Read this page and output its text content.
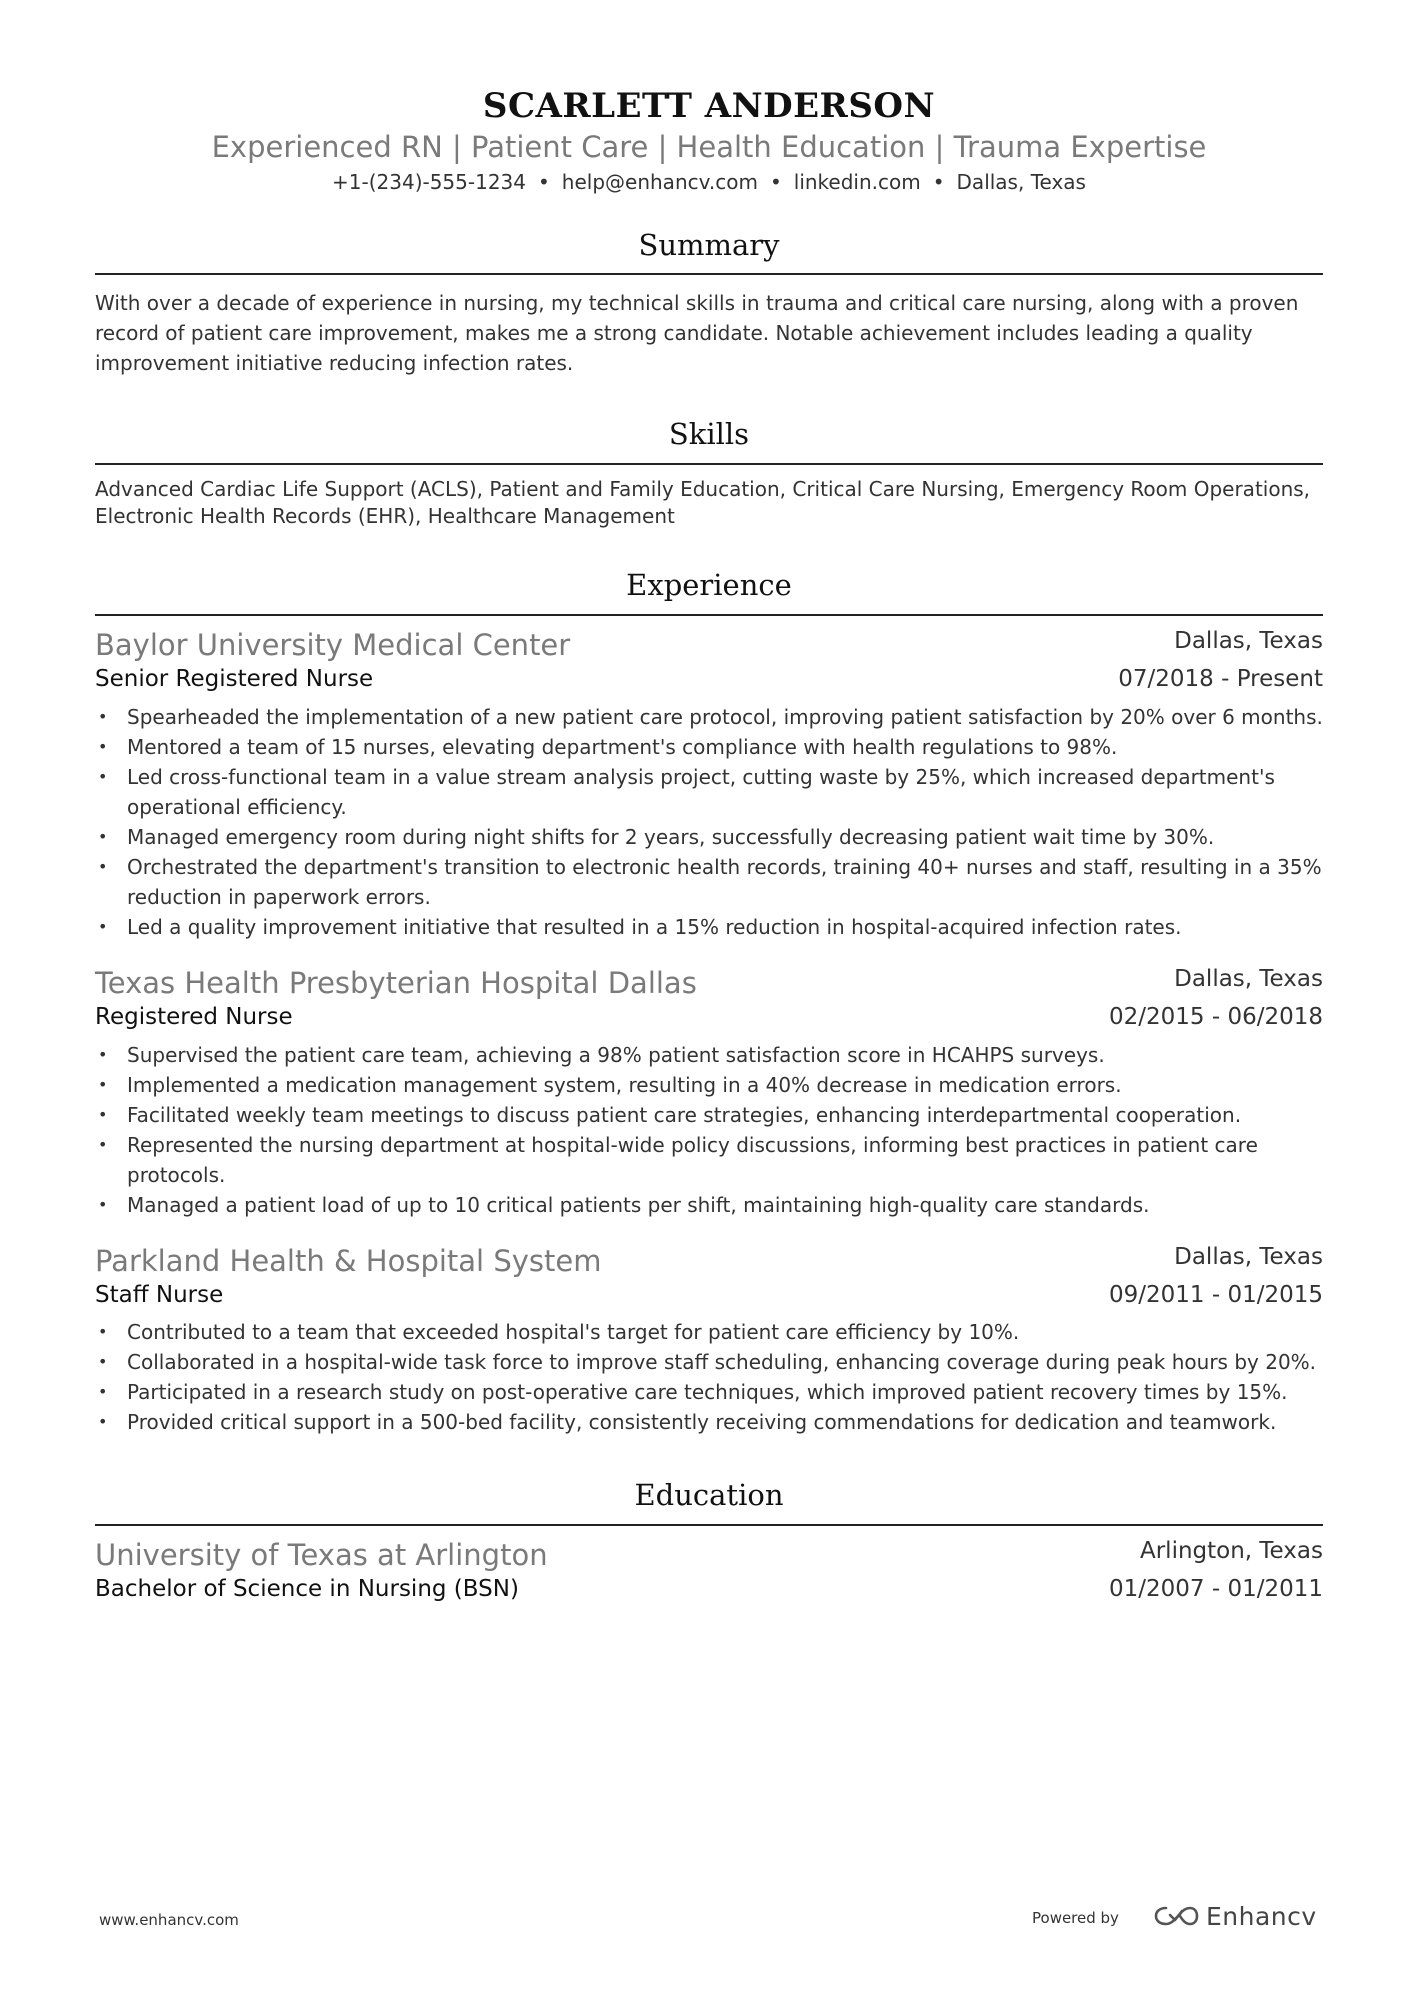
SCARLETT ANDERSON
Experienced RN | Patient Care | Health Education | Trauma Expertise
+1-(234)-555-1234 • help@enhancv.com • linkedin.com • Dallas, Texas
Summary
With over a decade of experience in nursing, my technical skills in trauma and critical care nursing, along with a proven record of patient care improvement, makes me a strong candidate. Notable achievement includes leading a quality improvement initiative reducing infection rates.
Skills
Advanced Cardiac Life Support (ACLS), Patient and Family Education, Critical Care Nursing, Emergency Room Operations, Electronic Health Records (EHR), Healthcare Management
Experience
Baylor University Medical Center	Dallas, Texas
Senior Registered Nurse	07/2018 - Present
• Spearheaded the implementation of a new patient care protocol, improving patient satisfaction by 20% over 6 months.
• Mentored a team of 15 nurses, elevating department's compliance with health regulations to 98%.
• Led cross-functional team in a value stream analysis project, cutting waste by 25%, which increased department's operational efficiency.
• Managed emergency room during night shifts for 2 years, successfully decreasing patient wait time by 30%.
• Orchestrated the department's transition to electronic health records, training 40+ nurses and staff, resulting in a 35% reduction in paperwork errors.
• Led a quality improvement initiative that resulted in a 15% reduction in hospital-acquired infection rates.
Texas Health Presbyterian Hospital Dallas	Dallas, Texas
Registered Nurse	02/2015 - 06/2018
• Supervised the patient care team, achieving a 98% patient satisfaction score in HCAHPS surveys.
• Implemented a medication management system, resulting in a 40% decrease in medication errors.
• Facilitated weekly team meetings to discuss patient care strategies, enhancing interdepartmental cooperation.
• Represented the nursing department at hospital-wide policy discussions, informing best practices in patient care protocols.
• Managed a patient load of up to 10 critical patients per shift, maintaining high-quality care standards.
Parkland Health & Hospital System	Dallas, Texas
Staff Nurse	09/2011 - 01/2015
• Contributed to a team that exceeded hospital's target for patient care efficiency by 10%.
• Collaborated in a hospital-wide task force to improve staff scheduling, enhancing coverage during peak hours by 20%.
• Participated in a research study on post-operative care techniques, which improved patient recovery times by 15%.
• Provided critical support in a 500-bed facility, consistently receiving commendations for dedication and teamwork.
Education
University of Texas at Arlington	Arlington, Texas
Bachelor of Science in Nursing (BSN)	01/2007 - 01/2011
www.enhancv.com	Powered by	Enhancv
